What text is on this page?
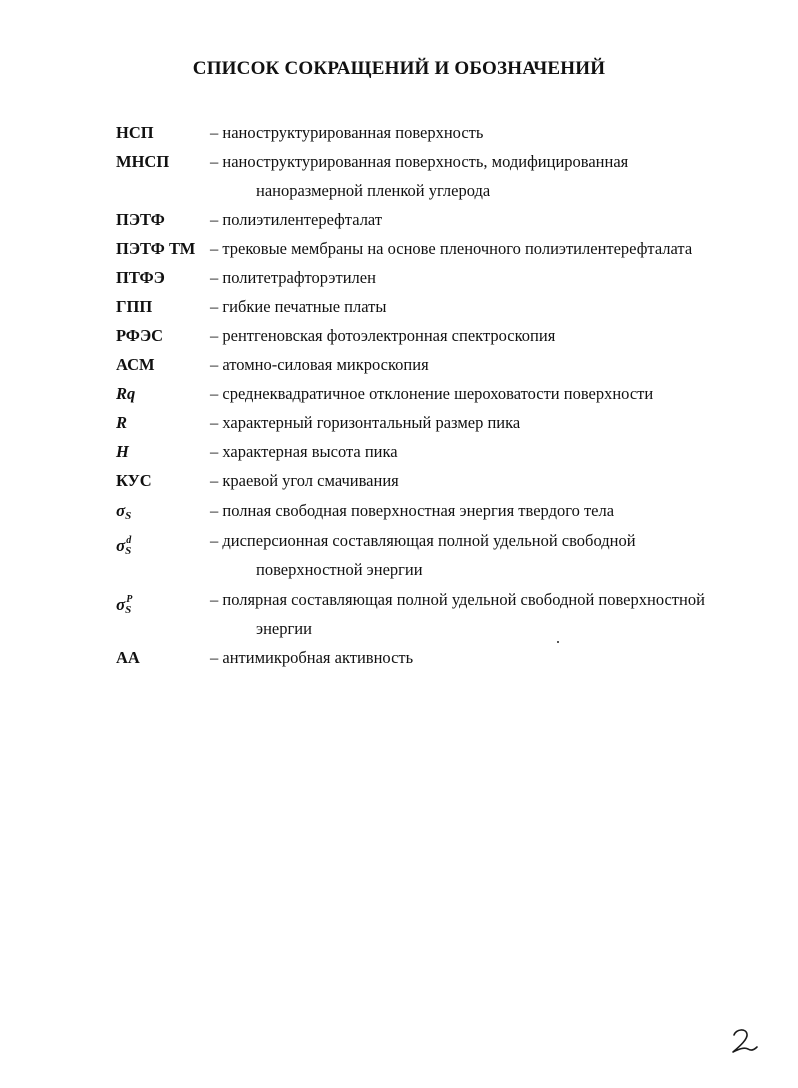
СПИСОК СОКРАЩЕНИЙ И ОБОЗНАЧЕНИЙ
НСП	– наноструктурированная поверхность
МНСП	– наноструктурированная поверхность, модифицированная
наноразмерной пленкой углерода
ПЭТФ	– полиэтилентерефталат
ПЭТФ ТМ – трековые мембраны на основе пленочного полиэтилентерефталата
ПТФЭ	– политетрафторэтилен
ГПП	– гибкие печатные платы
РФЭС	– рентгеновская фотоэлектронная спектроскопия
АСМ	– атомно-силовая микроскопия
Rq	– среднеквадратичное отклонение шероховатости поверхности
R	– характерный горизонтальный размер пика
H	– характерная высота пика
КУС	– краевой угол смачивания
$\sigma_S$	– полная свободная поверхностная энергия твердого тела
$\sigma_S^d$	– дисперсионная составляющая полной удельной свободной
поверхностной энергии
$\sigma_S^P$	– полярная составляющая полной удельной свободной поверхностной
энергии
АА	– антимикробная активность
